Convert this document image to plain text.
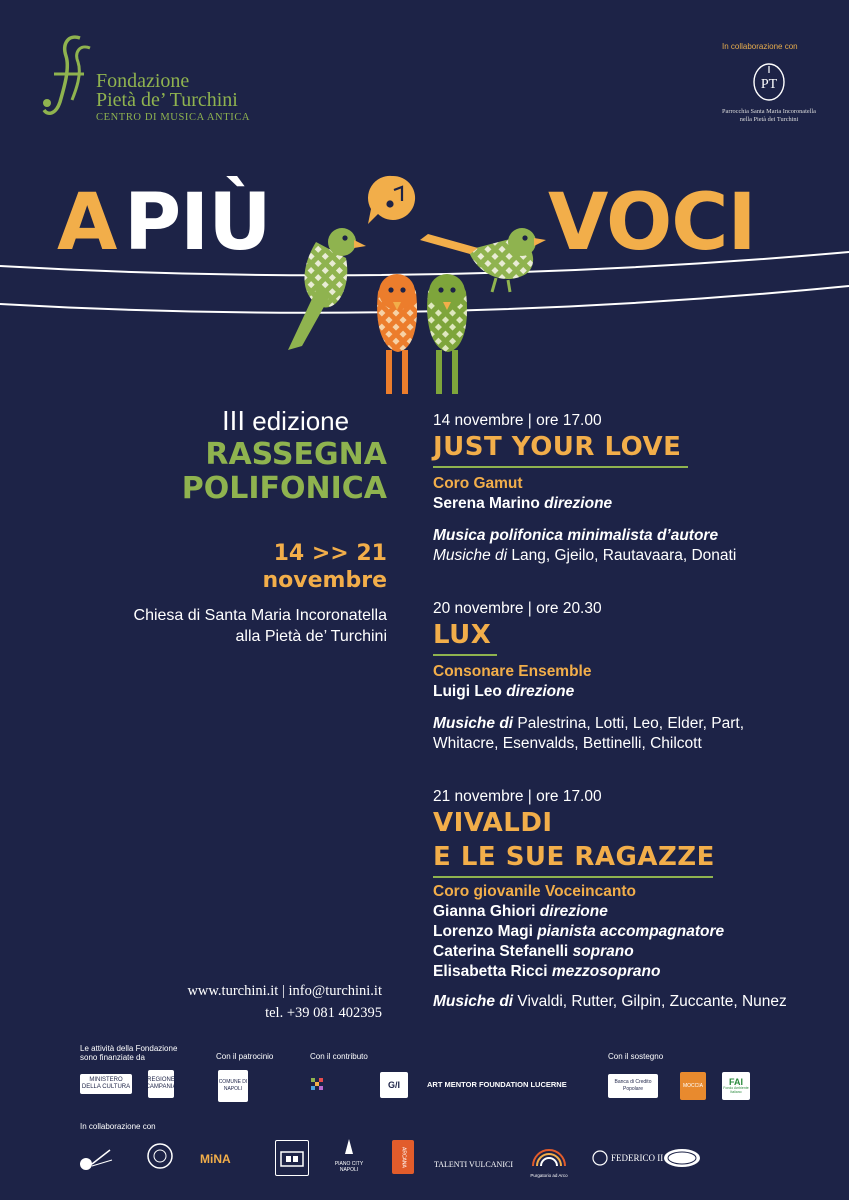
Fondazione
Pietà de’ Turchini
CENTRO DI MUSICA ANTICA
In collaborazione con
PT
Parrocchia Santa Maria Incoronatella
nella Pietà dei Turchini
A PIÙ	VOCI
III edizione
RASSEGNA
POLIFONICA
14 >> 21
novembre
Chiesa di Santa Maria Incoronatella
alla Pietà de’ Turchini
www.turchini.it | info@turchini.it
tel. +39 081 402395
14 novembre | ore 17.00
JUST YOUR LOVE
Coro Gamut
Serena Marino direzione
Musica polifonica minimalista d’autore
Musiche di Lang, Gjeilo, Rautavaara, Donati
20 novembre | ore 20.30
LUX
Consonare Ensemble
Luigi Leo direzione
Musiche di Palestrina, Lotti, Leo, Elder, Part, Whitacre, Esenvalds, Bettinelli, Chilcott
21 novembre | ore 17.00
VIVALDI
E LE SUE RAGAZZE
Coro giovanile Voceincanto
Gianna Ghiori direzione
Lorenzo Magi pianista accompagnatore
Caterina Stefanelli soprano
Elisabetta Ricci mezzosoprano
Musiche di Vivaldi, Rutter, Gilpin, Zuccante, Nunez
Le attività della Fondazione
sono finanziate da	Con il patrocinio	Con il contributo	Con il sostegno
MINISTERO DELLA CULTURA
REGIONE CAMPANIA
COMUNE DI NAPOLI	G/I	ART MENTOR FOUNDATION LUCERNE	Banca di Credito Popolare
MOCCIA	FAI
Fondo Ambiente Italiano
In collaborazione con
MiNA	PIANO CITY NAPOLI
ARCANA	TALENTI VULCANICI
Purgatorio ad Arco
FEDERICO II
